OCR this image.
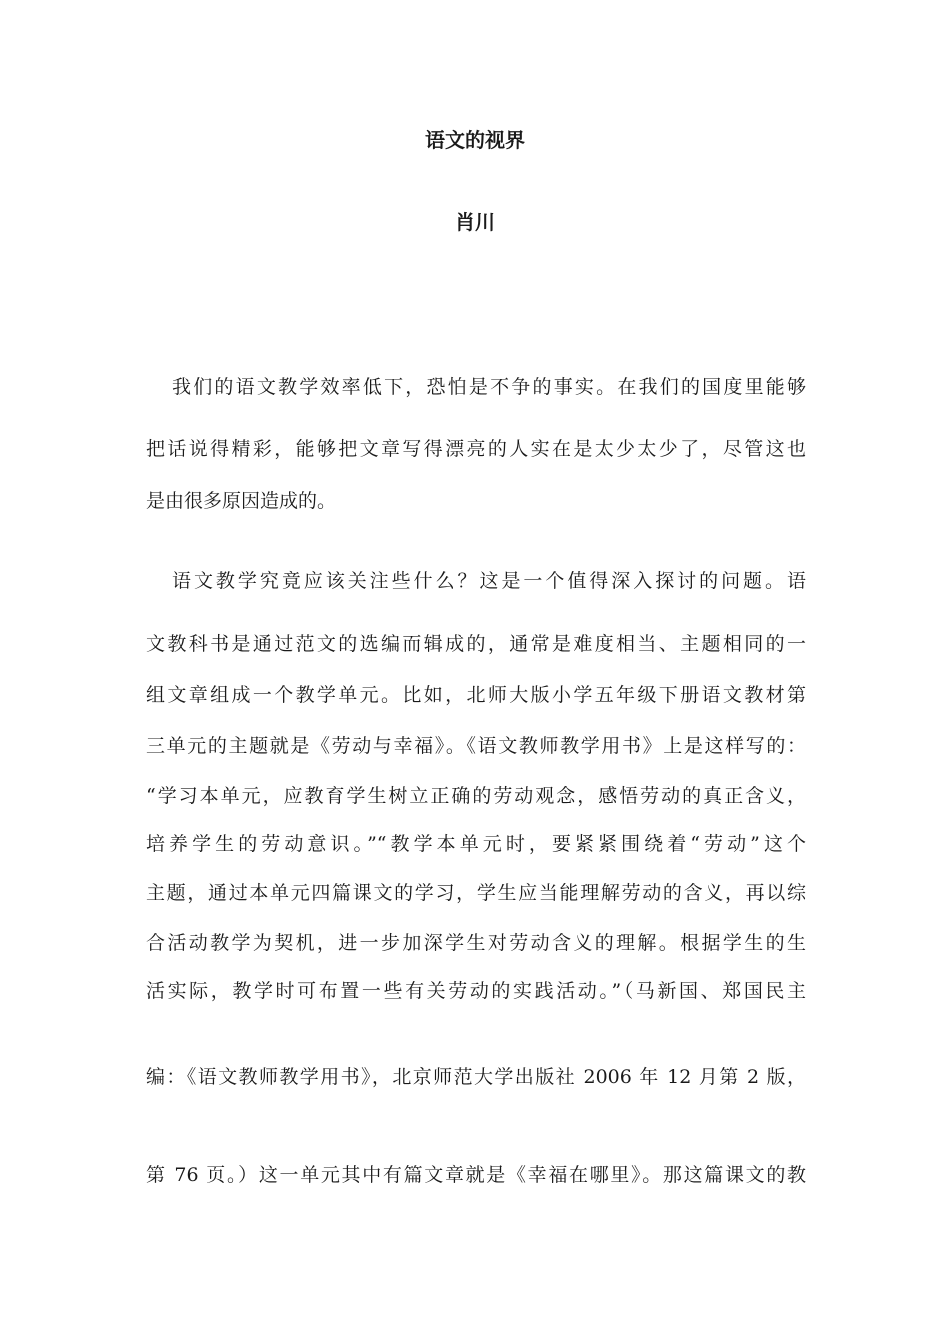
语文的视界
肖川
我们的语文教学效率低下，恐怕是不争的事实。在我们的国度里能够
把话说得精彩，能够把文章写得漂亮的人实在是太少太少了，尽管这也
是由很多原因造成的。
语文教学究竟应该关注些什么？这是一个值得深入探讨的问题。语
文教科书是通过范文的选编而辑成的，通常是难度相当、主题相同的一
组文章组成一个教学单元。比如，北师大版小学五年级下册语文教材第
三单元的主题就是《劳动与幸福》。《语文教师教学用书》上是这样写的：
“学习本单元，应教育学生树立正确的劳动观念，感悟劳动的真正含义，
培养学生的劳动意识。”“教学本单元时，要紧紧围绕着“劳动”这个
主题，通过本单元四篇课文的学习，学生应当能理解劳动的含义，再以综
合活动教学为契机，进一步加深学生对劳动含义的理解。根据学生的生
活实际，教学时可布置一些有关劳动的实践活动。”（马新国、郑国民主
编：《语文教师教学用书》，北京师范大学出版社 2006 年 12 月第 2 版，
第 76 页。）这一单元其中有篇文章就是《幸福在哪里》。那这篇课文的教
